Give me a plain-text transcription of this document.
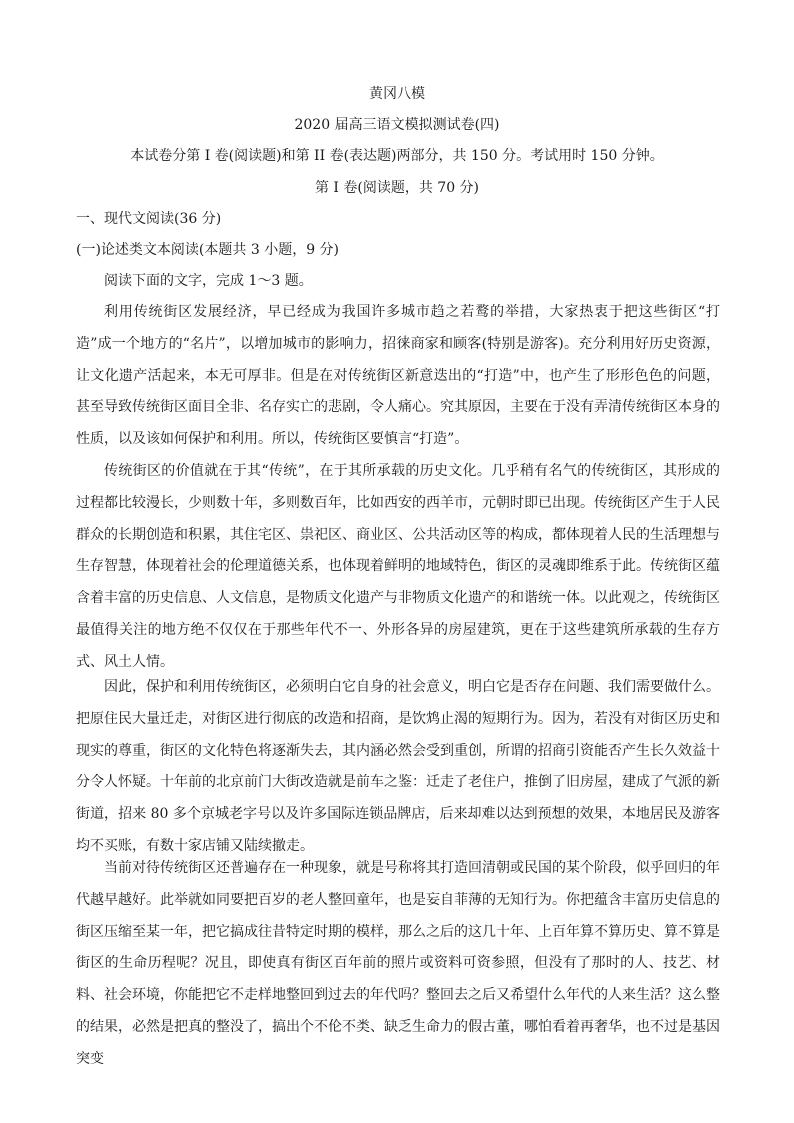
黄冈八模
2020 届高三语文模拟测试卷(四)
本试卷分第 I 卷(阅读题)和第 II 卷(表达题)两部分，共 150 分。考试用时 150 分钟。
第 I 卷(阅读题，共 70 分)
一、现代文阅读(36 分)
(一)论述类文本阅读(本题共 3 小题，9 分)
阅读下面的文字，完成 1～3 题。

利用传统街区发展经济，早已经成为我国许多城市趋之若鹜的举措，大家热衷于把这些街区“打造”成一个地方的“名片”，以增加城市的影响力，招徕商家和顾客(特别是游客)。充分利用好历史资源，让文化遗产活起来，本无可厚非。但是在对传统街区新意迭出的“打造”中，也产生了形形色色的问题，甚至导致传统街区面目全非、名存实亡的悲剧，令人痛心。究其原因，主要在于没有弄清传统街区本身的性质，以及该如何保护和利用。所以，传统街区要慎言“打造”。

传统街区的价值就在于其“传统”，在于其所承载的历史文化。几乎稍有名气的传统街区，其形成的过程都比较漫长，少则数十年，多则数百年，比如西安的西羊市，元朝时即已出现。传统街区产生于人民群众的长期创造和积累，其住宅区、祟祀区、商业区、公共活动区等的构成，都体现着人民的生活理想与生存智慧，体现着社会的伦理道德关系，也体现着鲜明的地域特色，街区的灵魂即维系于此。传统街区蕴含着丰富的历史信息、人文信息，是物质文化遗产与非物质文化遗产的和谐统一体。以此观之，传统街区最值得关注的地方绝不仅仅在于那些年代不一、外形各异的房屋建筑，更在于这些建筑所承载的生存方式、风土人情。

因此，保护和利用传统街区，必须明白它自身的社会意义，明白它是否存在问题、我们需要做什么。把原住民大量迁走，对街区进行彻底的改造和招商，是饮鸩止渴的短期行为。因为，若没有对街区历史和现实的尊重，街区的文化特色将逐渐失去，其内涵必然会受到重创，所谓的招商引资能否产生长久效益十分令人怀疑。十年前的北京前门大街改造就是前车之鉴：迁走了老住户，推倒了旧房屋，建成了气派的新街道，招来 80 多个京城老字号以及许多国际连锁品牌店，后来却难以达到预想的效果，本地居民及游客均不买账，有数十家店铺又陆续撤走。

当前对待传统街区还普遍存在一种现象，就是号称将其打造回清朝或民国的某个阶段，似乎回归的年代越早越好。此举就如同要把百岁的老人整回童年，也是妄自菲薄的无知行为。你把蕴含丰富历史信息的街区压缩至某一年，把它搞成往昔特定时期的模样，那么之后的这几十年、上百年算不算历史、算不算是街区的生命历程呢？况且，即使真有街区百年前的照片或资料可资参照，但没有了那时的人、技艺、材料、社会环境，你能把它不走样地整回到过去的年代吗？整回去之后又希望什么年代的人来生活？这么整的结果，必然是把真的整没了，搞出个不伦不类、缺乏生命力的假古董，哪怕看着再奢华，也不过是基因突变
